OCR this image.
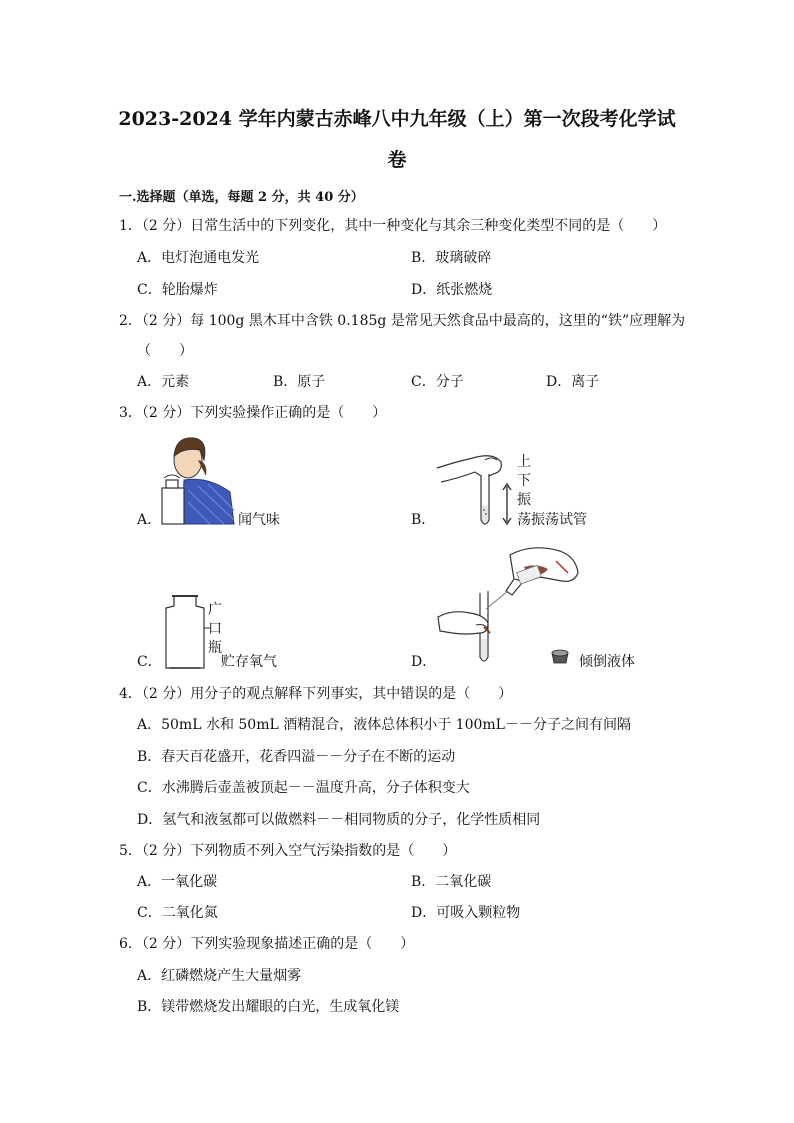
2023-2024 学年内蒙古赤峰八中九年级（上）第一次段考化学试
卷
一.选择题（单选，每题 2 分，共 40 分）
1．（2 分）日常生活中的下列变化，其中一种变化与其余三种变化类型不同的是（　　）
A．电灯泡通电发光	B．玻璃破碎
C．轮胎爆炸	D．纸张燃烧
2．（2 分）每 100g 黑木耳中含铁 0.185g 是常见天然食品中最高的，这里的“铁”应理解为
（　　）
A．元素	B．原子	C．分子	D．离子
3．（2 分）下列实验操作正确的是（　　）
A．	闻气味	B．
上
下
振
荡振荡试管
C．
广
口
瓶
贮存氧气	D．	倾倒液体
4．（2 分）用分子的观点解释下列事实，其中错误的是（　　）
A．50mL 水和 50mL 酒精混合，液体总体积小于 100mL－－分子之间有间隔
B．春天百花盛开，花香四溢－－分子在不断的运动
C．水沸腾后壶盖被顶起－－温度升高，分子体积变大
D．氢气和液氢都可以做燃料－－相同物质的分子，化学性质相同
5．（2 分）下列物质不列入空气污染指数的是（　　）
A．一氧化碳	B．二氧化碳
C．二氧化氮	D．可吸入颗粒物
6．（2 分）下列实验现象描述正确的是（　　）
A．红磷燃烧产生大量烟雾
B．镁带燃烧发出耀眼的白光，生成氧化镁
